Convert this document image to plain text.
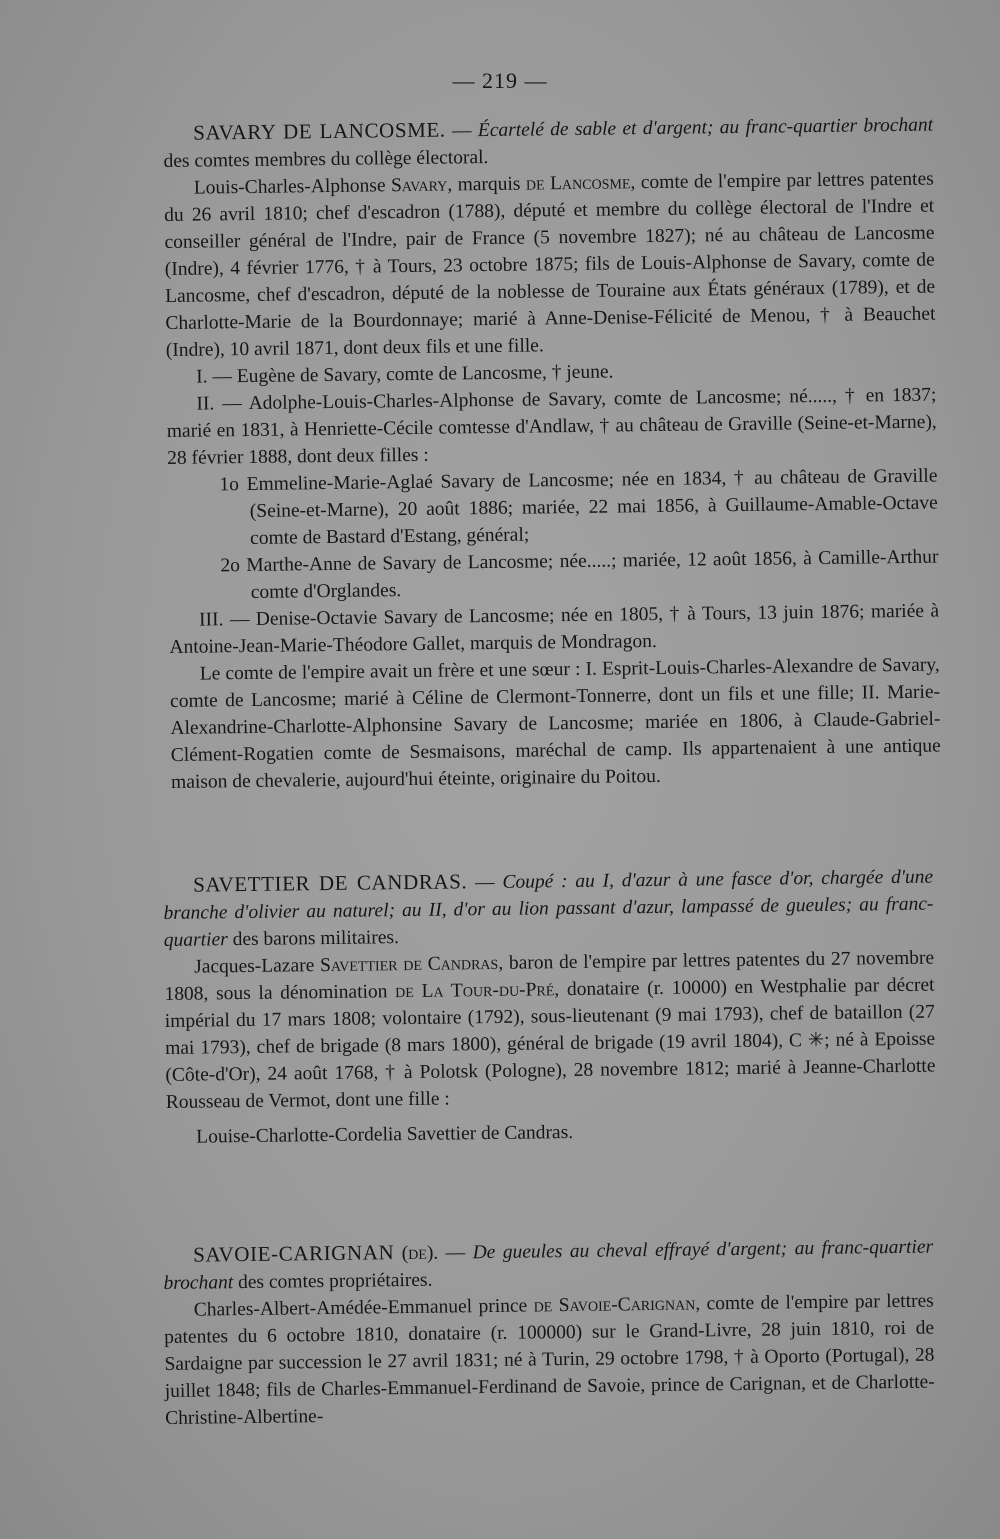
— 219 —

SAVARY DE LANCOSME. — Écartelé de sable et d'argent; au franc-quartier brochant des comtes membres du collège électoral.

Louis-Charles-Alphonse Savary, marquis de Lancosme, comte de l'empire par lettres patentes du 26 avril 1810; chef d'escadron (1788), député et membre du collège électoral de l'Indre et conseiller général de l'Indre, pair de France (5 novembre 1827); né au château de Lancosme (Indre), 4 février 1776, † à Tours, 23 octobre 1875; fils de Louis-Alphonse de Savary, comte de Lancosme, chef d'escadron, député de la noblesse de Touraine aux États généraux (1789), et de Charlotte-Marie de la Bourdonnaye; marié à Anne-Denise-Félicité de Menou, † à Beauchet (Indre), 10 avril 1871, dont deux fils et une fille.

I. — Eugène de Savary, comte de Lancosme, † jeune.

II. — Adolphe-Louis-Charles-Alphonse de Savary, comte de Lancosme; né....., † en 1837; marié en 1831, à Henriette-Cécile comtesse d'Andlaw, † au château de Graville (Seine-et-Marne), 28 février 1888, dont deux filles :

1o Emmeline-Marie-Aglaé Savary de Lancosme; née en 1834, † au château de Graville (Seine-et-Marne), 20 août 1886; mariée, 22 mai 1856, à Guillaume-Amable-Octave comte de Bastard d'Estang, général;

2o Marthe-Anne de Savary de Lancosme; née.....; mariée, 12 août 1856, à Camille-Arthur comte d'Orglandes.

III. — Denise-Octavie Savary de Lancosme; née en 1805, † à Tours, 13 juin 1876; mariée à Antoine-Jean-Marie-Théodore Gallet, marquis de Mondragon.

Le comte de l'empire avait un frère et une sœur : I. Esprit-Louis-Charles-Alexandre de Savary, comte de Lancosme; marié à Céline de Clermont-Tonnerre, dont un fils et une fille; II. Marie-Alexandrine-Charlotte-Alphonsine Savary de Lancosme; mariée en 1806, à Claude-Gabriel-Clément-Rogatien comte de Sesmaisons, maréchal de camp. Ils appartenaient à une antique maison de chevalerie, aujourd'hui éteinte, originaire du Poitou.

SAVETTIER DE CANDRAS. — Coupé : au I, d'azur à une fasce d'or, chargée d'une branche d'olivier au naturel; au II, d'or au lion passant d'azur, lampassé de gueules; au franc-quartier des barons militaires.

Jacques-Lazare Savettier de Candras, baron de l'empire par lettres patentes du 27 novembre 1808, sous la dénomination de La Tour-du-Pré, donataire (r. 10000) en Westphalie par décret impérial du 17 mars 1808; volontaire (1792), sous-lieutenant (9 mai 1793), chef de bataillon (27 mai 1793), chef de brigade (8 mars 1800), général de brigade (19 avril 1804), C ✳; né à Epoisse (Côte-d'Or), 24 août 1768, † à Polotsk (Pologne), 28 novembre 1812; marié à Jeanne-Charlotte Rousseau de Vermot, dont une fille :

Louise-Charlotte-Cordelia Savettier de Candras.

SAVOIE-CARIGNAN (de). — De gueules au cheval effrayé d'argent; au franc-quartier brochant des comtes propriétaires.

Charles-Albert-Amédée-Emmanuel prince de Savoie-Carignan, comte de l'empire par lettres patentes du 6 octobre 1810, donataire (r. 100000) sur le Grand-Livre, 28 juin 1810, roi de Sardaigne par succession le 27 avril 1831; né à Turin, 29 octobre 1798, † à Oporto (Portugal), 28 juillet 1848; fils de Charles-Emmanuel-Ferdinand de Savoie, prince de Carignan, et de Charlotte-Christine-Albertine-
